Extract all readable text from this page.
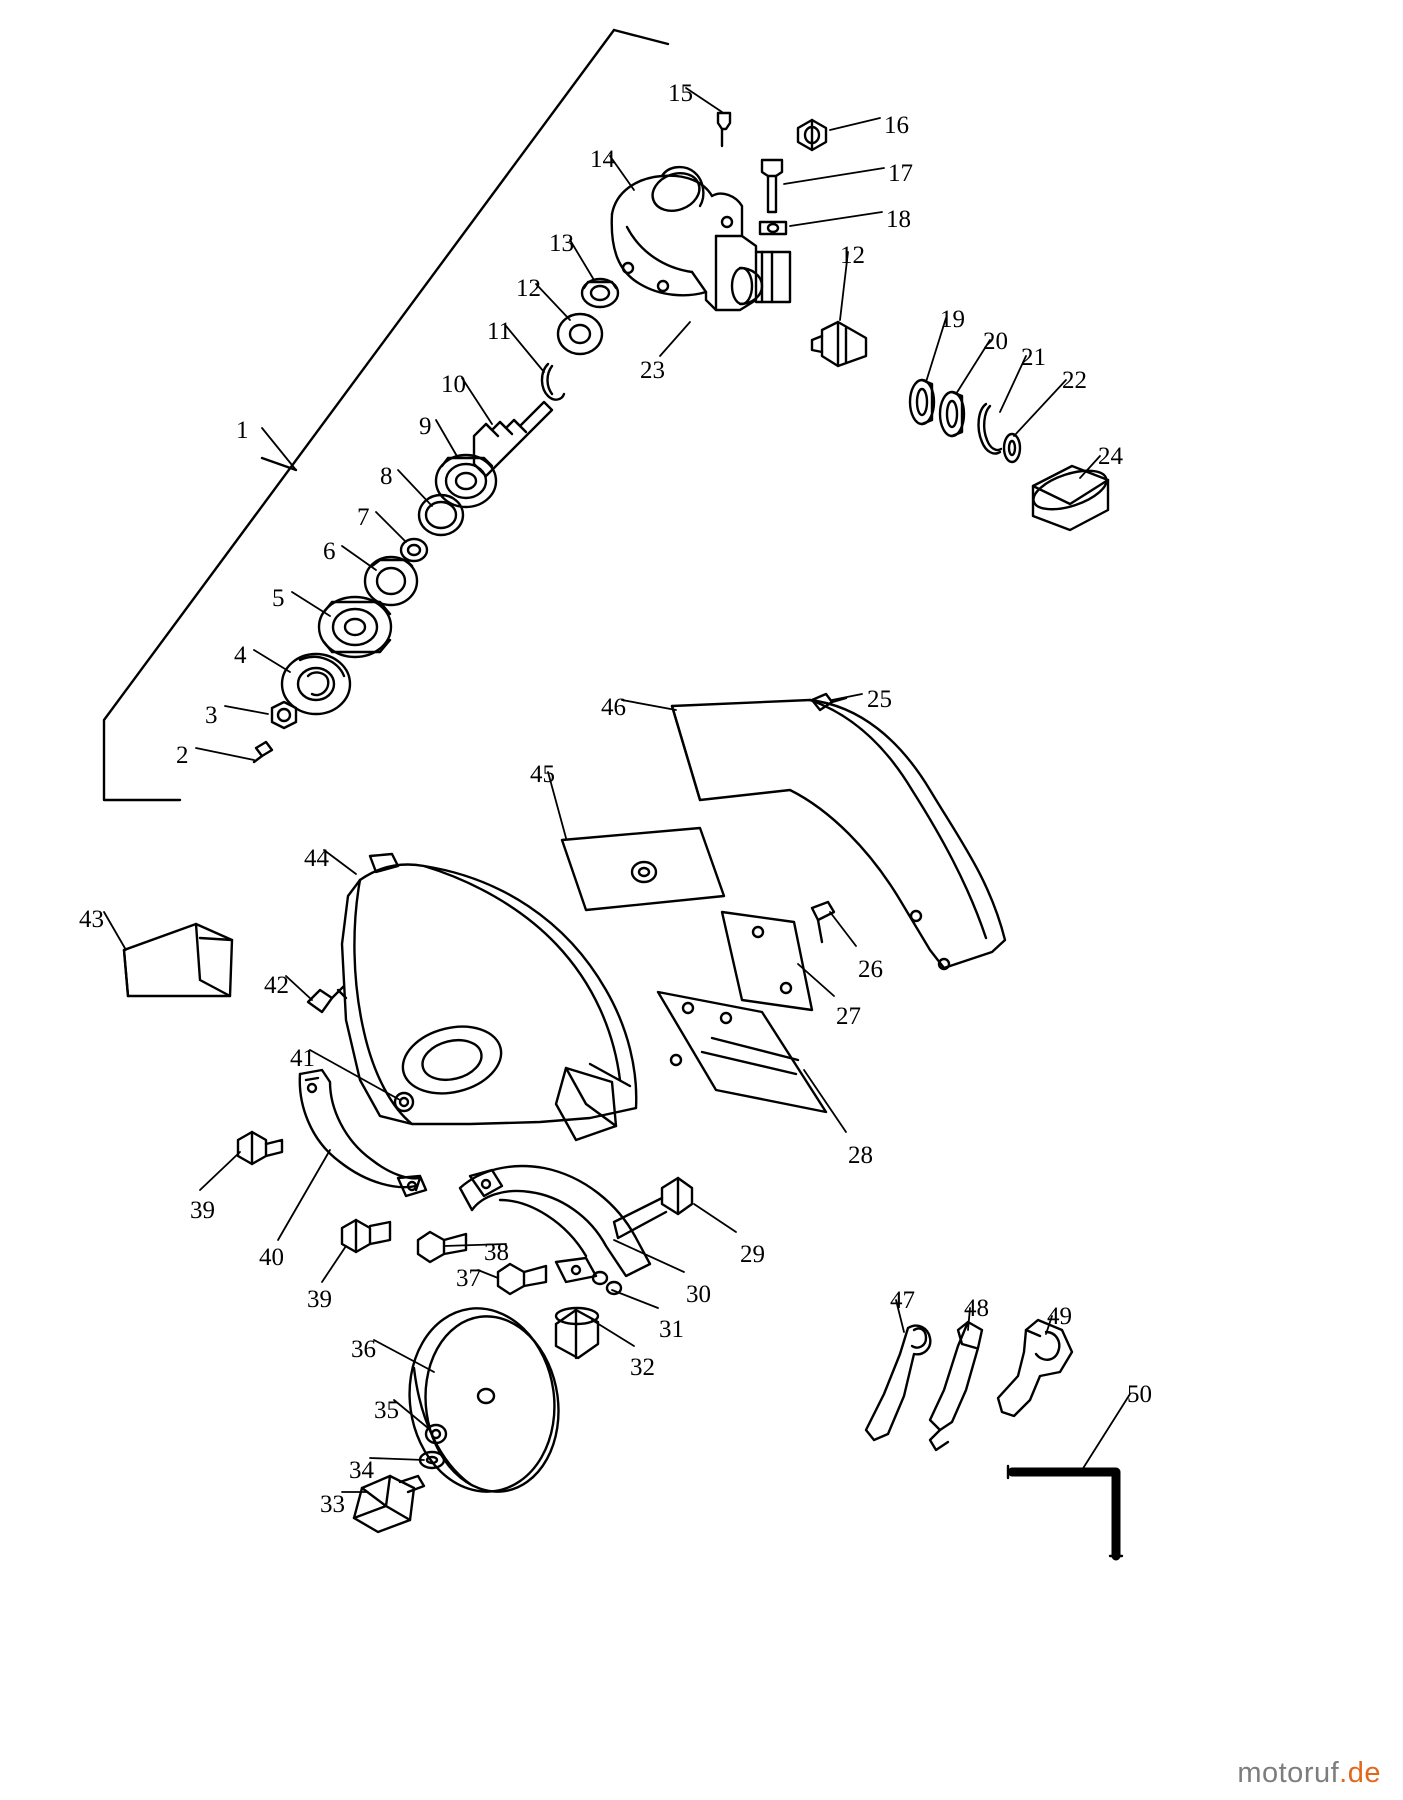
1
2
3
4
5
6
7
8
9
10
11
12
13
14
15
16
17
18
12
19
20
21
22
23
24
25
26
27
28
29
30
31
32
33
34
35
36
37
38
39
39
40
41
42
43
44
45
46
47 48 49
50
motoruf.de
